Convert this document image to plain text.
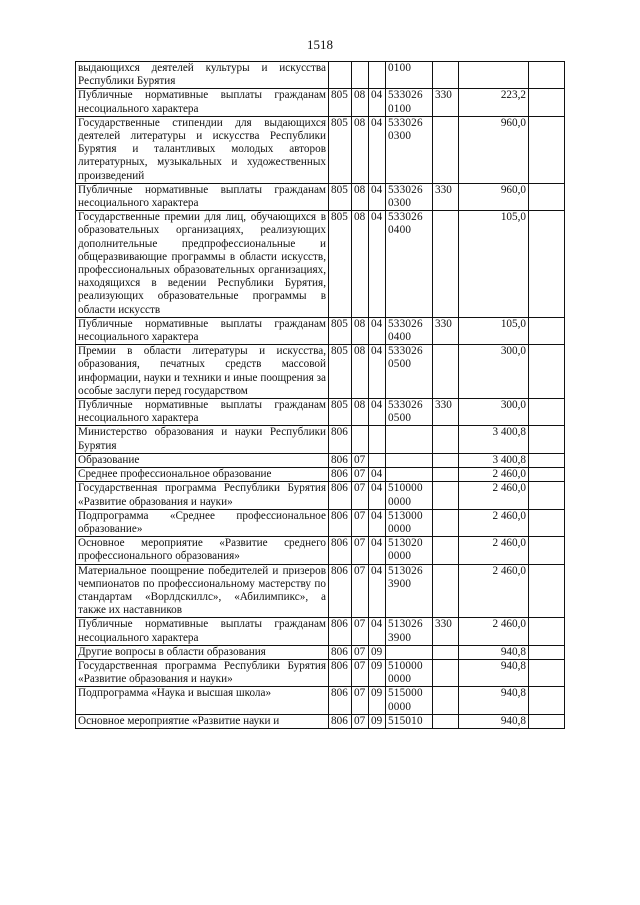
1518
выдающихся деятелей культуры и искусства Республики Бурятия				0100			
Публичные нормативные выплаты гражданам несоциального характера	805	08	04	533026 0100	330	223,2	
Государственные стипендии для выдающихся деятелей литературы и искусства Республики Бурятия и талантливых молодых авторов литературных, музыкальных и художественных произведений	805	08	04	533026 0300		960,0	
Публичные нормативные выплаты гражданам несоциального характера	805	08	04	533026 0300	330	960,0	
Государственные премии для лиц, обучающихся в образовательных организациях, реализующих дополнительные предпрофессиональные и общеразвивающие программы в области искусств, профессиональных образовательных организациях, находящихся в ведении Республики Бурятия, реализующих образовательные программы в области искусств	805	08	04	533026 0400		105,0	
Публичные нормативные выплаты гражданам несоциального характера	805	08	04	533026 0400	330	105,0	
Премии в области литературы и искусства, образования, печатных средств массовой информации, науки и техники и иные поощрения за особые заслуги перед государством	805	08	04	533026 0500		300,0	
Публичные нормативные выплаты гражданам несоциального характера	805	08	04	533026 0500	330	300,0	
Министерство образования и науки Республики Бурятия	806					3 400,8	
Образование	806	07				3 400,8	
Среднее профессиональное образование	806	07	04			2 460,0	
Государственная программа Республики Бурятия «Развитие образования и науки»	806	07	04	510000 0000		2 460,0	
Подпрограмма «Среднее профессиональное образование»	806	07	04	513000 0000		2 460,0	
Основное мероприятие «Развитие среднего профессионального образования»	806	07	04	513020 0000		2 460,0	
Материальное поощрение победителей и призеров чемпионатов по профессиональному мастерству по стандартам «Ворлдскиллс», «Абилимпикс», а также их наставников	806	07	04	513026 3900		2 460,0	
Публичные нормативные выплаты гражданам несоциального характера	806	07	04	513026 3900	330	2 460,0	
Другие вопросы в области образования	806	07	09			940,8	
Государственная программа Республики Бурятия «Развитие образования и науки»	806	07	09	510000 0000		940,8	
Подпрограмма «Наука и высшая школа»	806	07	09	515000 0000		940,8	
Основное мероприятие «Развитие науки и	806	07	09	515010		940,8	
